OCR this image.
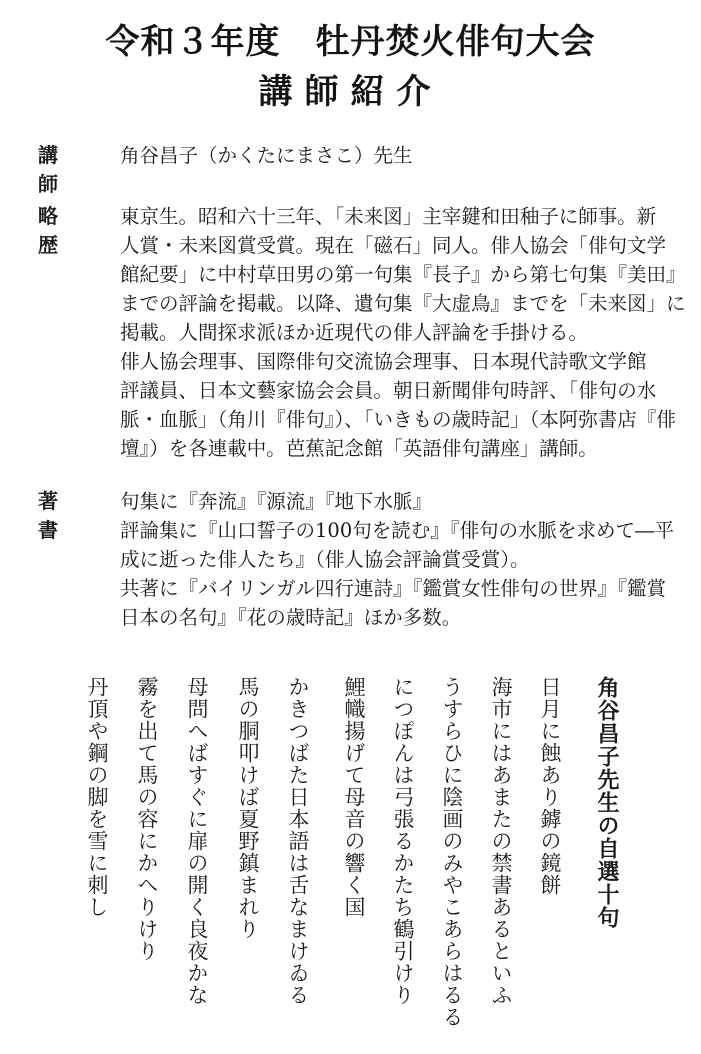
令和３年度　牡丹焚火俳句大会
講師紹介
講　師
角谷昌子（かくたにまさこ）先生
略　歴
東京生。昭和六十三年、「未来図」主宰鍵和田秞子に師事。新
人賞・未来図賞受賞。現在「磁石」同人。俳人協会「俳句文学
館紀要」に中村草田男の第一句集『長子』から第七句集『美田』
までの評論を掲載。以降、遺句集『大虚鳥』までを「未来図」に
掲載。人間探求派ほか近現代の俳人評論を手掛ける。
俳人協会理事、国際俳句交流協会理事、日本現代詩歌文学館
評議員、日本文藝家協会会員。朝日新聞俳句時評、「俳句の水
脈・血脈」（角川『俳句』）、「いきもの歳時記」（本阿弥書店『俳
壇』）を各連載中。芭蕉記念館「英語俳句講座」講師。
著　書
句集に『奔流』『源流』『地下水脈』
評論集に『山口誓子の100句を読む』『俳句の水脈を求めて―平
成に逝った俳人たち』（俳人協会評論賞受賞）。
共著に『バイリンガル四行連詩』『鑑賞女性俳句の世界』『鑑賞
日本の名句』『花の歳時記』ほか多数。
角谷昌子先生の自選十句
日月に蝕あり鏬の鏡餅
海市にはあまたの禁書あるといふ
うすらひに陰画のみやこあらはるる
につぽんは弓張るかたち鶴引けり
鯉幟揚げて母音の響く国
かきつばた日本語は舌なまけゐる
馬の胴叩けば夏野鎮まれり
母問へばすぐに扉の開く良夜かな
霧を出て馬の容にかへりけり
丹頂や鋼の脚を雪に刺し
